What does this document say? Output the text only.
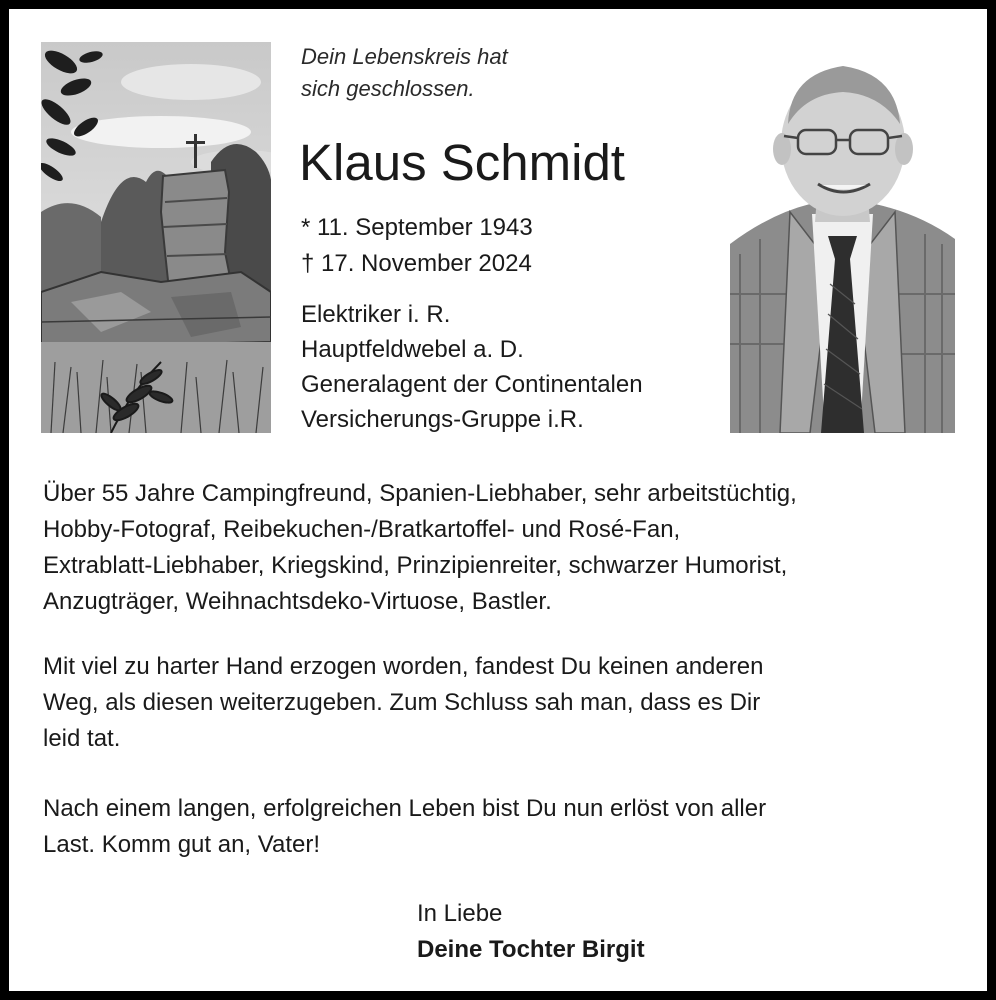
Dein Lebenskreis hat
sich geschlossen.
Klaus Schmidt
* 11. September 1943
† 17. November 2024
Elektriker i. R.
Hauptfeldwebel a. D.
Generalagent der Continentalen
Versicherungs-Gruppe i.R.
Über 55 Jahre Campingfreund, Spanien-Liebhaber, sehr arbeitstüchtig,
Hobby-Fotograf, Reibekuchen-/Bratkartoffel- und Rosé-Fan,
Extrablatt-Liebhaber, Kriegskind, Prinzipienreiter, schwarzer Humorist,
Anzugträger, Weihnachtsdeko-Virtuose, Bastler.
Mit viel zu harter Hand erzogen worden, fandest Du keinen anderen
Weg, als diesen weiterzugeben. Zum Schluss sah man, dass es Dir
leid tat.
Nach einem langen, erfolgreichen Leben bist Du nun erlöst von aller
Last. Komm gut an, Vater!
In Liebe
Deine Tochter Birgit
